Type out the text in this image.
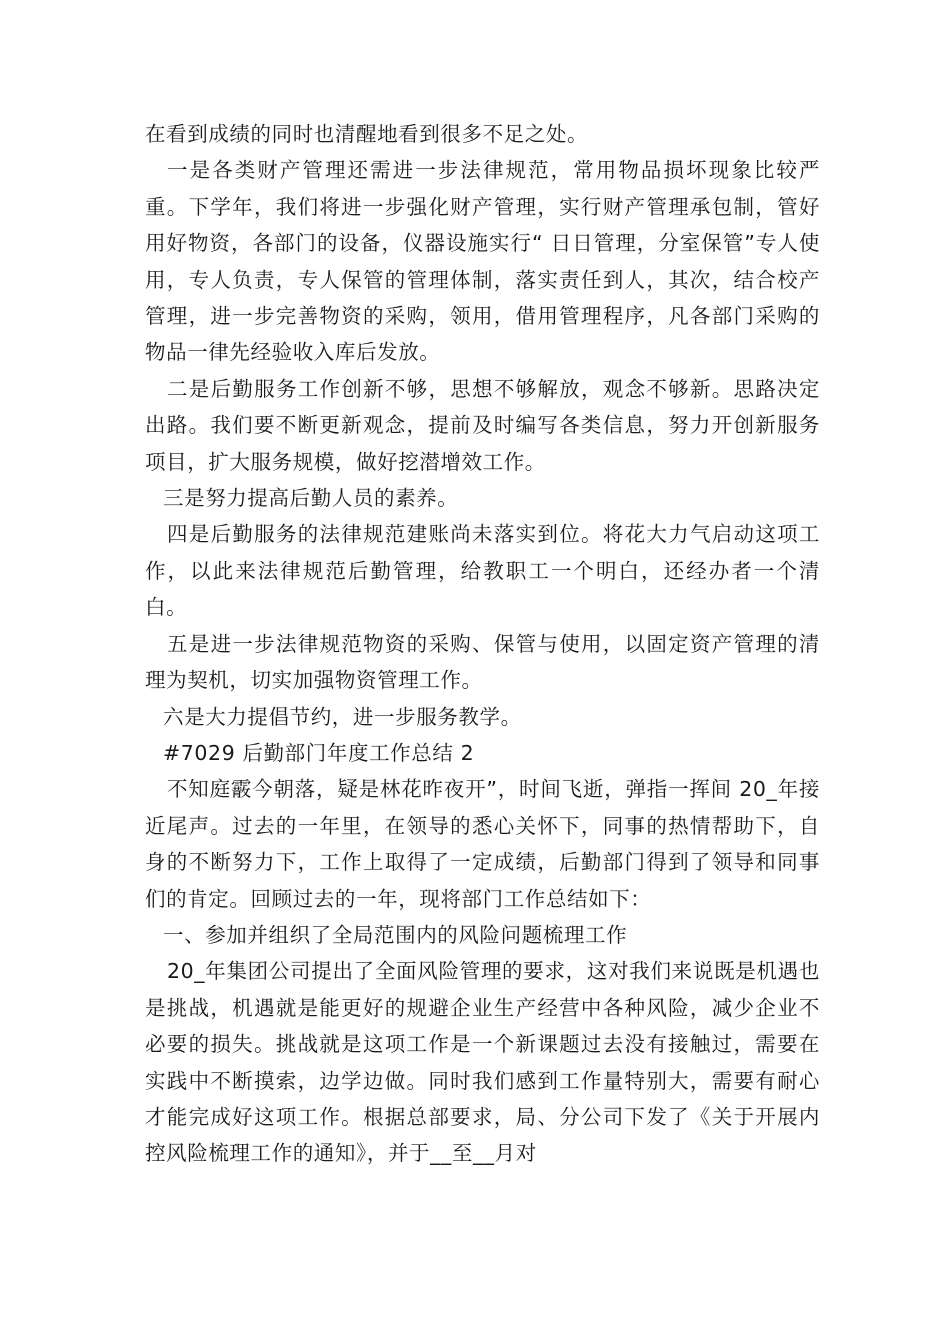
在看到成绩的同时也清醒地看到很多不足之处。

一是各类财产管理还需进一步法律规范，常用物品损坏现象比较严重。下学年，我们将进一步强化财产管理，实行财产管理承包制，管好用好物资，各部门的设备，仪器设施实行“ 日日管理，分室保管”专人使用，专人负责，专人保管的管理体制，落实责任到人，其次，结合校产管理，进一步完善物资的采购，领用，借用管理程序，凡各部门采购的物品一律先经验收入库后发放。

二是后勤服务工作创新不够，思想不够解放，观念不够新。思路决定出路。我们要不断更新观念，提前及时编写各类信息，努力开创新服务项目，扩大服务规模，做好挖潜增效工作。

三是努力提高后勤人员的素养。

四是后勤服务的法律规范建账尚未落实到位。将花大力气启动这项工作，以此来法律规范后勤管理，给教职工一个明白，还经办者一个清白。

五是进一步法律规范物资的采购、保管与使用，以固定资产管理的清理为契机，切实加强物资管理工作。

六是大力提倡节约，进一步服务教学。

#7029 后勤部门年度工作总结 2

不知庭霰今朝落，疑是林花昨夜开”，时间飞逝，弹指一挥间 20_年接近尾声。过去的一年里，在领导的悉心关怀下，同事的热情帮助下，自身的不断努力下，工作上取得了一定成绩，后勤部门得到了领导和同事们的肯定。回顾过去的一年，现将部门工作总结如下：

一、参加并组织了全局范围内的风险问题梳理工作

20_年集团公司提出了全面风险管理的要求，这对我们来说既是机遇也是挑战，机遇就是能更好的规避企业生产经营中各种风险，减少企业不必要的损失。挑战就是这项工作是一个新课题过去没有接触过，需要在实践中不断摸索，边学边做。同时我们感到工作量特别大，需要有耐心才能完成好这项工作。根据总部要求，局、分公司下发了《关于开展内控风险梳理工作的通知》，并于__至__月对
